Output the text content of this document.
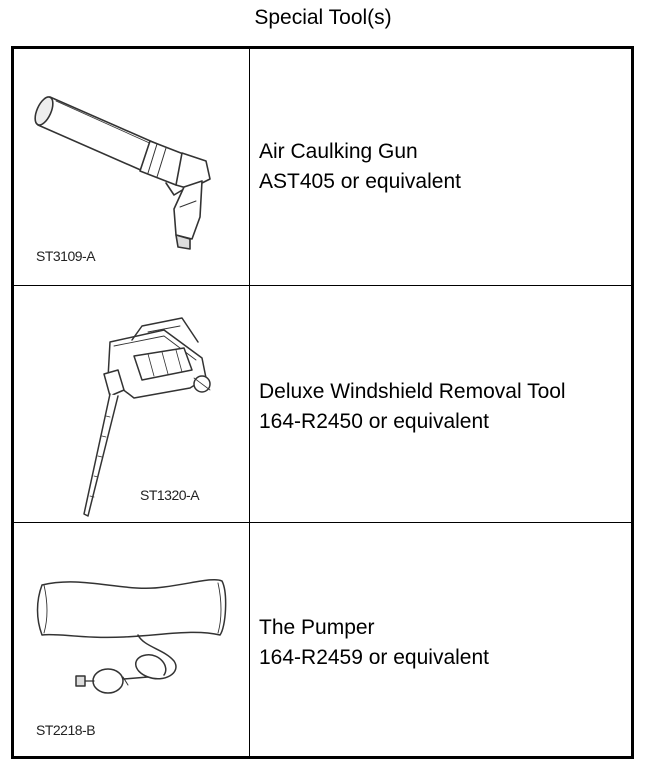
Special Tool(s)
ST3109-A
Air Caulking Gun
AST405 or equivalent
ST1320-A
Deluxe Windshield Removal Tool
164-R2450 or equivalent
ST2218-B
The Pumper
164-R2459 or equivalent
